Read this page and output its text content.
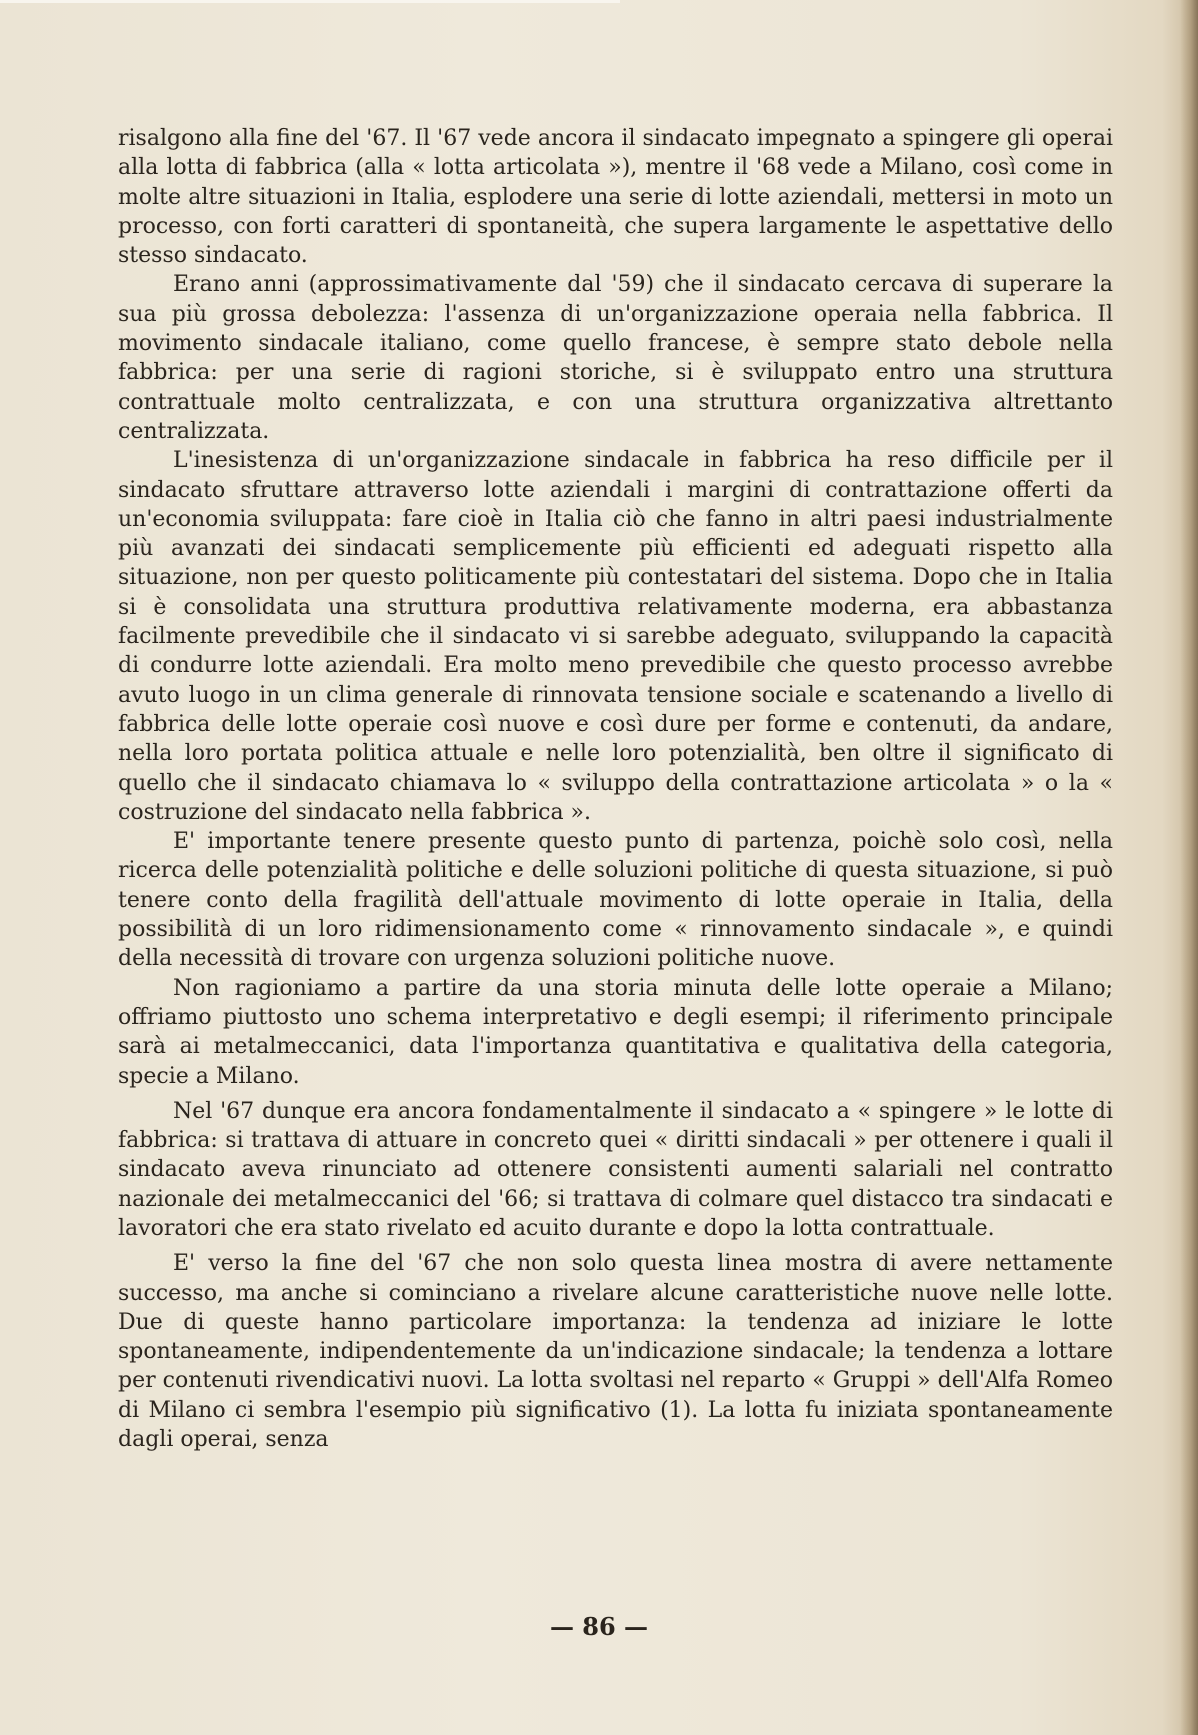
risalgono alla fine del '67. Il '67 vede ancora il sindacato impegnato a spingere gli operai alla lotta di fabbrica (alla « lotta articolata »), mentre il '68 vede a Milano, così come in molte altre situazioni in Italia, esplodere una serie di lotte aziendali, mettersi in moto un processo, con forti caratteri di spontaneità, che supera largamente le aspettative dello stesso sindacato.

Erano anni (approssimativamente dal '59) che il sindacato cercava di superare la sua più grossa debolezza: l'assenza di un'organizzazione operaia nella fabbrica. Il movimento sindacale italiano, come quello francese, è sempre stato debole nella fabbrica: per una serie di ragioni storiche, si è sviluppato entro una struttura contrattuale molto centralizzata, e con una struttura organizzativa altrettanto centralizzata.

L'inesistenza di un'organizzazione sindacale in fabbrica ha reso difficile per il sindacato sfruttare attraverso lotte aziendali i margini di contrattazione offerti da un'economia sviluppata: fare cioè in Italia ciò che fanno in altri paesi industrialmente più avanzati dei sindacati semplicemente più efficienti ed adeguati rispetto alla situazione, non per questo politicamente più contestatari del sistema. Dopo che in Italia si è consolidata una struttura produttiva relativamente moderna, era abbastanza facilmente prevedibile che il sindacato vi si sarebbe adeguato, sviluppando la capacità di condurre lotte aziendali. Era molto meno prevedibile che questo processo avrebbe avuto luogo in un clima generale di rinnovata tensione sociale e scatenando a livello di fabbrica delle lotte operaie così nuove e così dure per forme e contenuti, da andare, nella loro portata politica attuale e nelle loro potenzialità, ben oltre il significato di quello che il sindacato chiamava lo « sviluppo della contrattazione articolata » o la « costruzione del sindacato nella fabbrica ».

E' importante tenere presente questo punto di partenza, poichè solo così, nella ricerca delle potenzialità politiche e delle soluzioni politiche di questa situazione, si può tenere conto della fragilità dell'attuale movimento di lotte operaie in Italia, della possibilità di un loro ridimensionamento come « rinnovamento sindacale », e quindi della necessità di trovare con urgenza soluzioni politiche nuove.

Non ragioniamo a partire da una storia minuta delle lotte operaie a Milano; offriamo piuttosto uno schema interpretativo e degli esempi; il riferimento principale sarà ai metalmeccanici, data l'importanza quantitativa e qualitativa della categoria, specie a Milano.

Nel '67 dunque era ancora fondamentalmente il sindacato a « spingere » le lotte di fabbrica: si trattava di attuare in concreto quei « diritti sindacali » per ottenere i quali il sindacato aveva rinunciato ad ottenere consistenti aumenti salariali nel contratto nazionale dei metalmeccanici del '66; si trattava di colmare quel distacco tra sindacati e lavoratori che era stato rivelato ed acuito durante e dopo la lotta contrattuale.

E' verso la fine del '67 che non solo questa linea mostra di avere nettamente successo, ma anche si cominciano a rivelare alcune caratteristiche nuove nelle lotte. Due di queste hanno particolare importanza: la tendenza ad iniziare le lotte spontaneamente, indipendentemente da un'indicazione sindacale; la tendenza a lottare per contenuti rivendicativi nuovi. La lotta svoltasi nel reparto « Gruppi » dell'Alfa Romeo di Milano ci sembra l'esempio più significativo (1). La lotta fu iniziata spontaneamente dagli operai, senza

— 86 —
